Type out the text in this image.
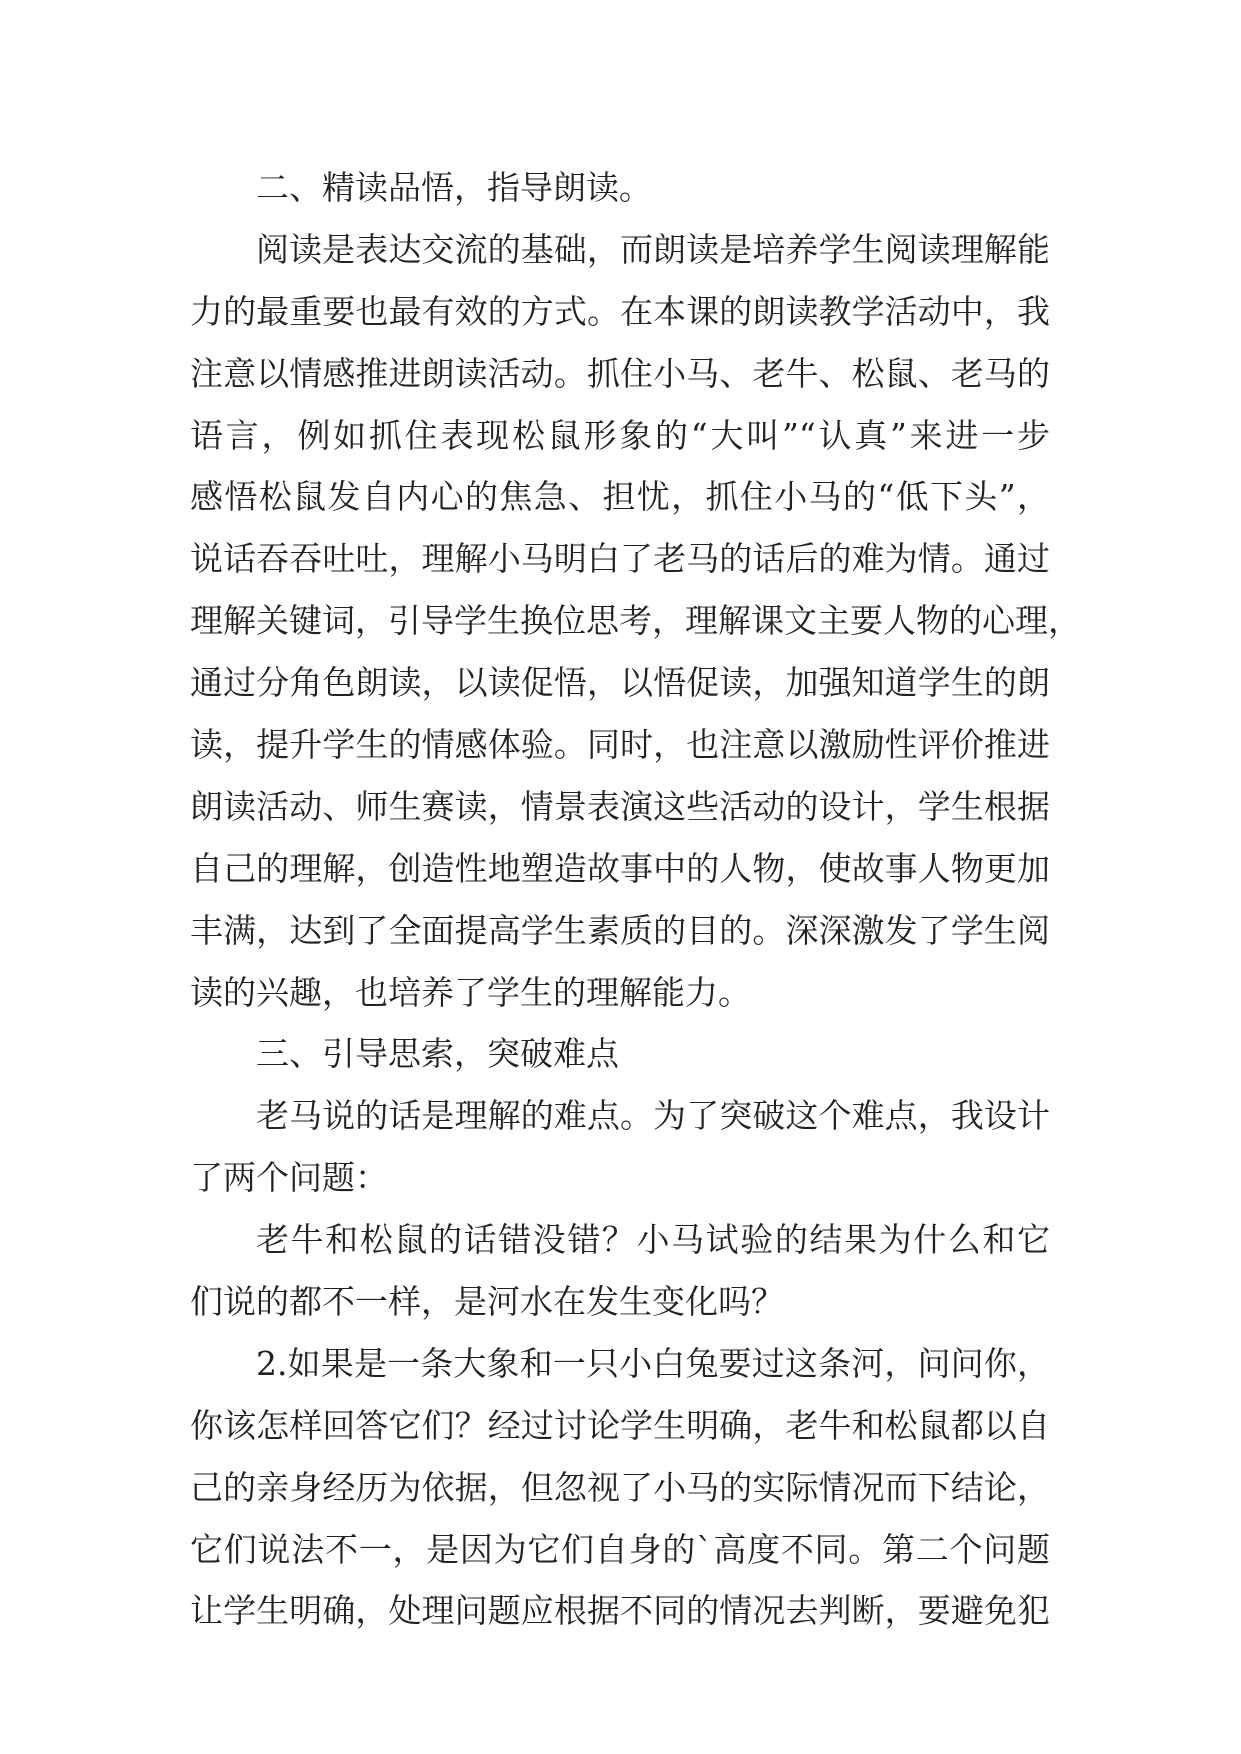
二、精读品悟，指导朗读。
阅读是表达交流的基础，而朗读是培养学生阅读理解能
力的最重要也最有效的方式。在本课的朗读教学活动中，我
注意以情感推进朗读活动。抓住小马、老牛、松鼠、老马的
语言，例如抓住表现松鼠形象的“大叫”“认真”来进一步
感悟松鼠发自内心的焦急、担忧，抓住小马的“低下头”，
说话吞吞吐吐，理解小马明白了老马的话后的难为情。通过
理解关键词，引导学生换位思考，理解课文主要人物的心理，
通过分角色朗读，以读促悟，以悟促读，加强知道学生的朗
读，提升学生的情感体验。同时，也注意以激励性评价推进
朗读活动、师生赛读，情景表演这些活动的设计，学生根据
自己的理解，创造性地塑造故事中的人物，使故事人物更加
丰满，达到了全面提高学生素质的目的。深深激发了学生阅
读的兴趣，也培养了学生的理解能力。
三、引导思索，突破难点
老马说的话是理解的难点。为了突破这个难点，我设计
了两个问题：
老牛和松鼠的话错没错？小马试验的结果为什么和它
们说的都不一样，是河水在发生变化吗？
2.如果是一条大象和一只小白兔要过这条河，问问你，
你该怎样回答它们？经过讨论学生明确，老牛和松鼠都以自
己的亲身经历为依据，但忽视了小马的实际情况而下结论，
它们说法不一，是因为它们自身的`高度不同。第二个问题
让学生明确，处理问题应根据不同的情况去判断，要避免犯
